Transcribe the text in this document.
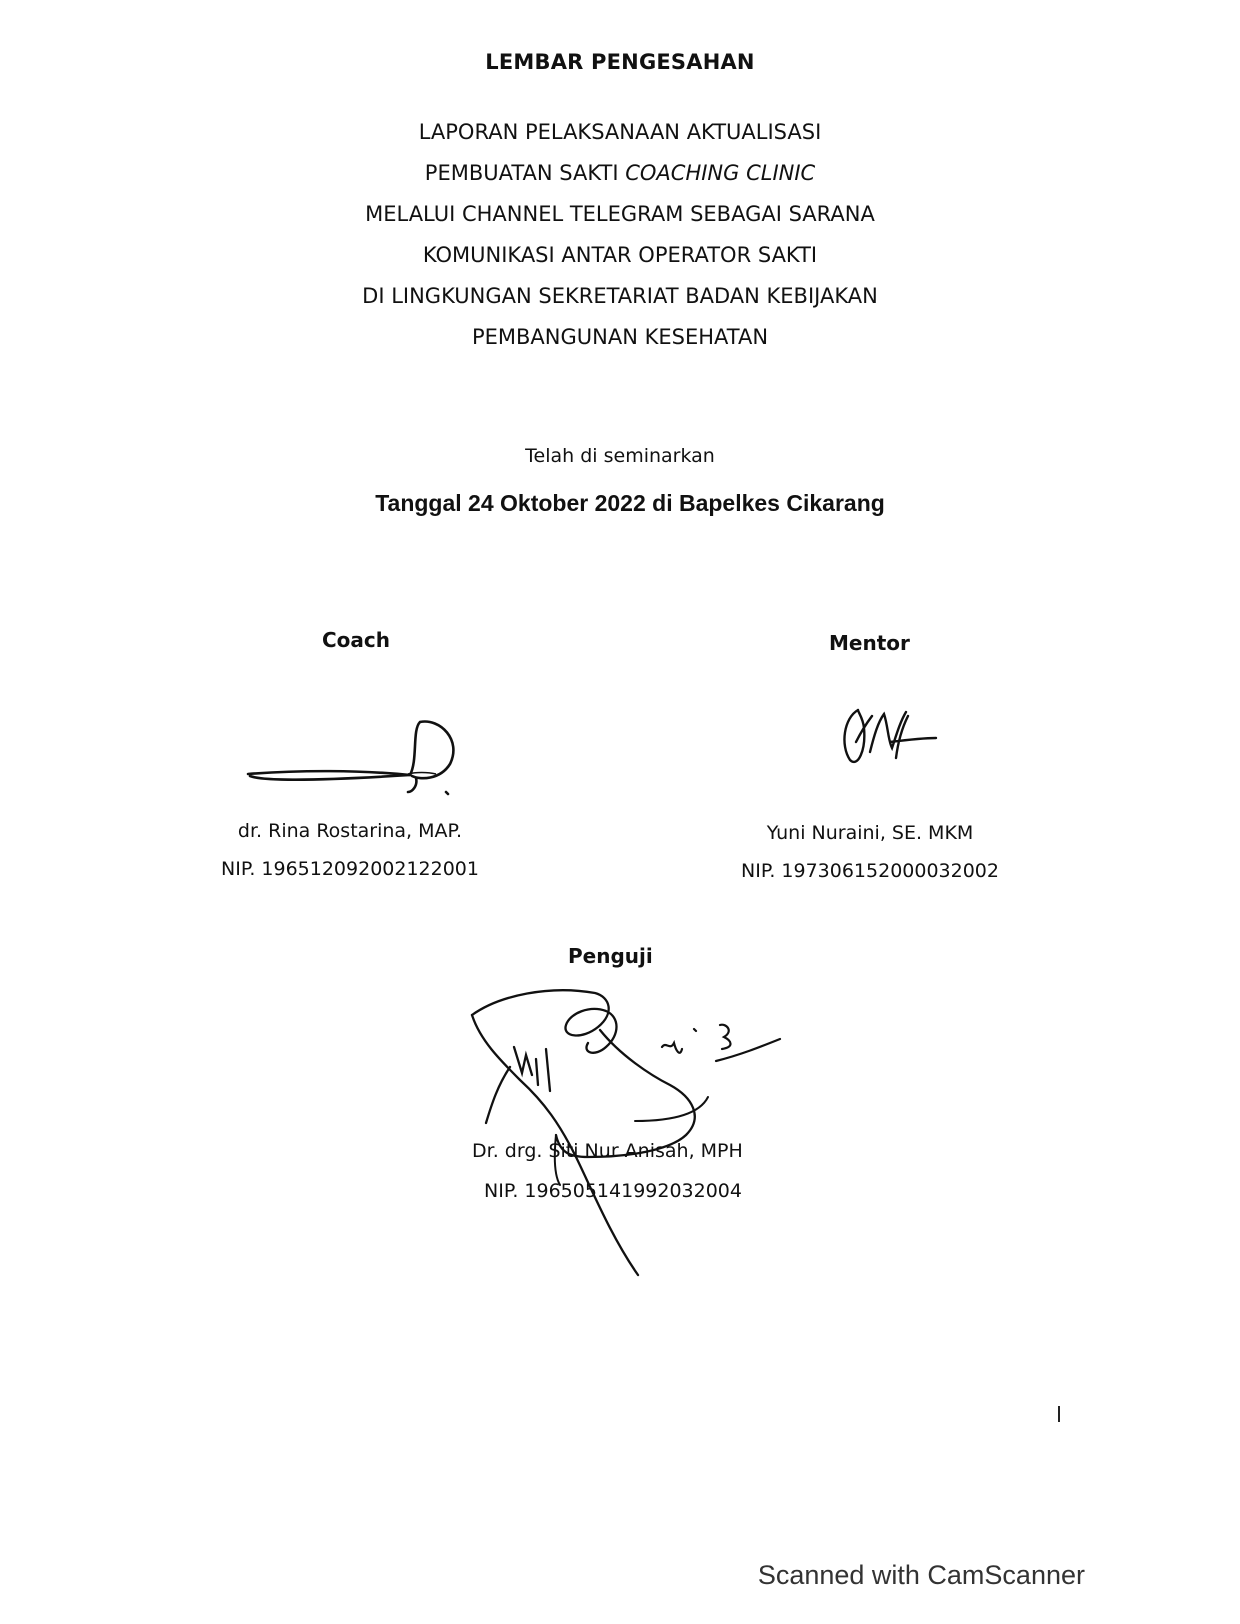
LEMBAR PENGESAHAN
LAPORAN PELAKSANAAN AKTUALISASI
PEMBUATAN SAKTI COACHING CLINIC
MELALUI CHANNEL TELEGRAM SEBAGAI SARANA
KOMUNIKASI ANTAR OPERATOR SAKTI
DI LINGKUNGAN SEKRETARIAT BADAN KEBIJAKAN
PEMBANGUNAN KESEHATAN
Telah di seminarkan
Tanggal 24 Oktober 2022 di Bapelkes Cikarang
Coach
dr. Rina Rostarina, MAP.
NIP. 196512092002122001
Mentor
Yuni Nuraini, SE. MKM
NIP. 197306152000032002
Penguji
Dr. drg. Siti Nur Anisah, MPH
NIP. 196505141992032004
Scanned with CamScanner
